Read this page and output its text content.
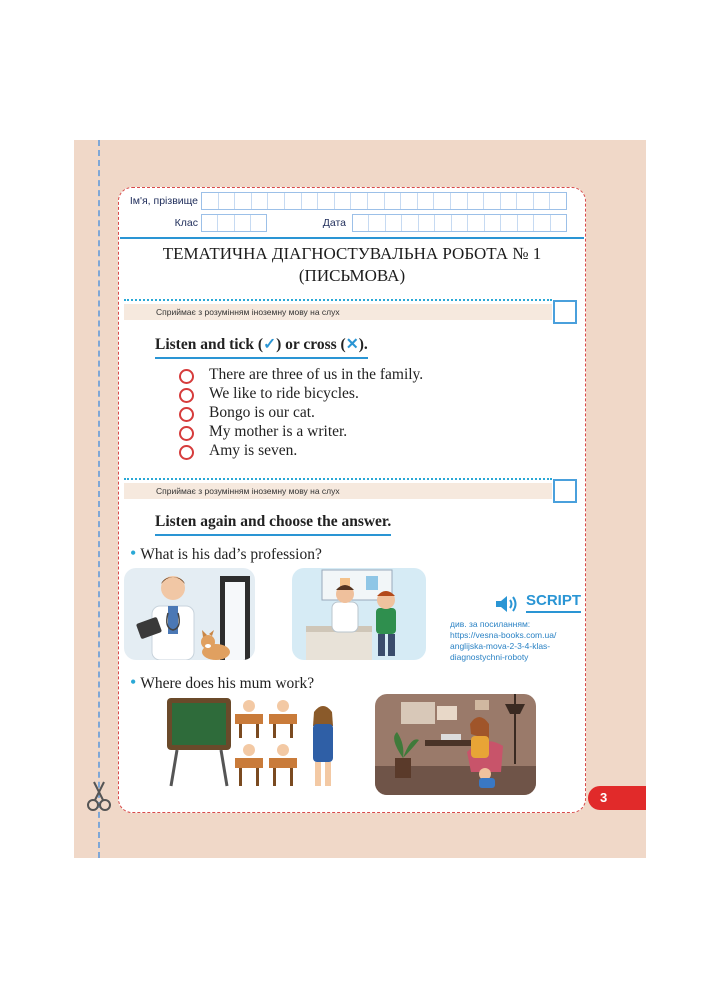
Ім'я, прізвище
Клас	Дата
ТЕМАТИЧНА ДІАГНОСТУВАЛЬНА РОБОТА № 1
(ПИСЬМОВА)
Сприймає з розумінням іноземну мову на слух
Listen and tick (✓) or cross (✕).
There are three of us in the family.
We like to ride bicycles.
Bongo is our cat.
My mother is a writer.
Amy is seven.
Сприймає з розумінням іноземну мову на слух
Listen again and choose the answer.
• What is his dad’s profession?
SCRIPT
див. за посиланням:
https://vesna-books.com.ua/
anglijska-mova-2-3-4-klas-
diagnostychni-roboty
• Where does his mum work?
3
